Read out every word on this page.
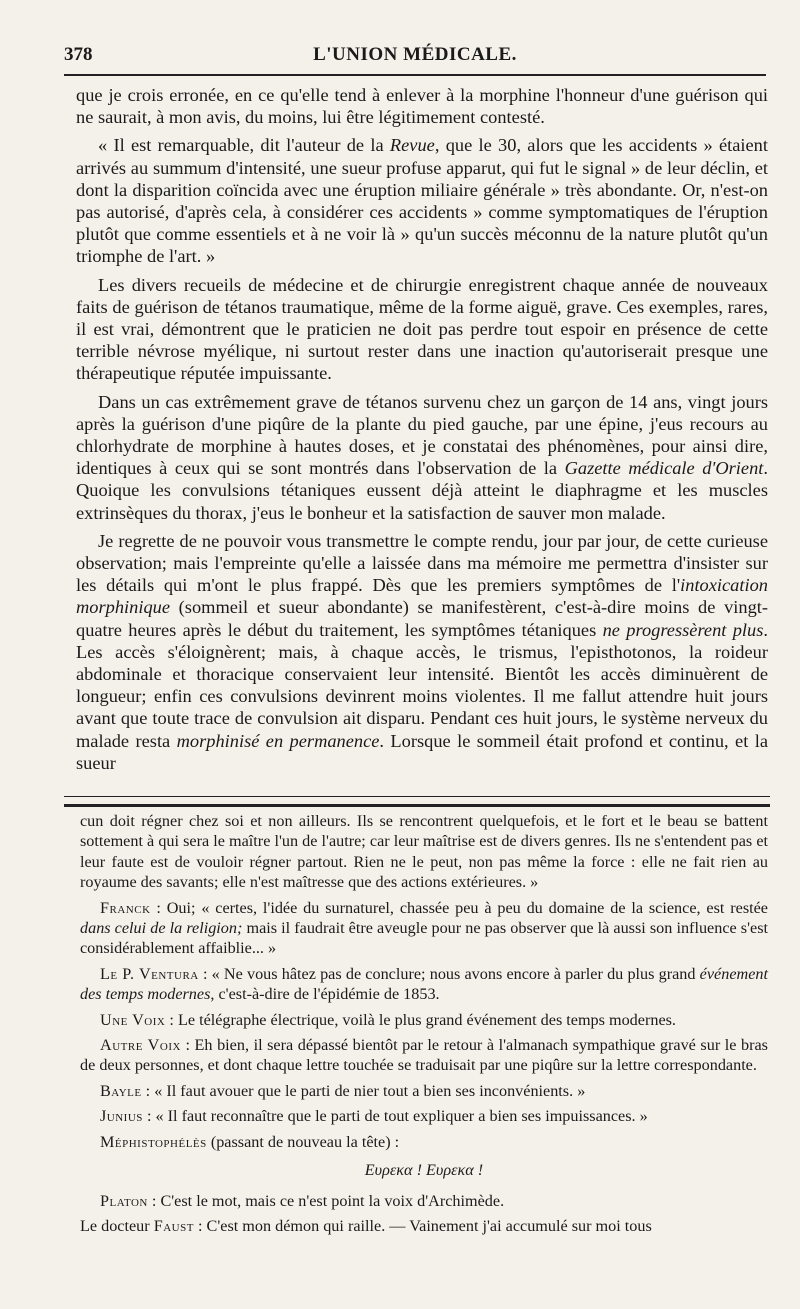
378	L'UNION MÉDICALE.

que je crois erronée, en ce qu'elle tend à enlever à la morphine l'honneur d'une guérison qui ne saurait, à mon avis, du moins, lui être légitimement contesté.

« Il est remarquable, dit l'auteur de la Revue, que le 30, alors que les accidents » étaient arrivés au summum d'intensité, une sueur profuse apparut, qui fut le signal » de leur déclin, et dont la disparition coïncida avec une éruption miliaire générale » très abondante. Or, n'est-on pas autorisé, d'après cela, à considérer ces accidents » comme symptomatiques de l'éruption plutôt que comme essentiels et à ne voir là » qu'un succès méconnu de la nature plutôt qu'un triomphe de l'art. »

Les divers recueils de médecine et de chirurgie enregistrent chaque année de nouveaux faits de guérison de tétanos traumatique, même de la forme aiguë, grave. Ces exemples, rares, il est vrai, démontrent que le praticien ne doit pas perdre tout espoir en présence de cette terrible névrose myélique, ni surtout rester dans une inaction qu'autoriserait presque une thérapeutique réputée impuissante.

Dans un cas extrêmement grave de tétanos survenu chez un garçon de 14 ans, vingt jours après la guérison d'une piqûre de la plante du pied gauche, par une épine, j'eus recours au chlorhydrate de morphine à hautes doses, et je constatai des phénomènes, pour ainsi dire, identiques à ceux qui se sont montrés dans l'observation de la Gazette médicale d'Orient. Quoique les convulsions tétaniques eussent déjà atteint le diaphragme et les muscles extrinsèques du thorax, j'eus le bonheur et la satisfaction de sauver mon malade.

Je regrette de ne pouvoir vous transmettre le compte rendu, jour par jour, de cette curieuse observation; mais l'empreinte qu'elle a laissée dans ma mémoire me permettra d'insister sur les détails qui m'ont le plus frappé. Dès que les premiers symptômes de l'intoxication morphinique (sommeil et sueur abondante) se manifestèrent, c'est-à-dire moins de vingt-quatre heures après le début du traitement, les symptômes tétaniques ne progressèrent plus. Les accès s'éloignèrent; mais, à chaque accès, le trismus, l'episthotonos, la roideur abdominale et thoracique conservaient leur intensité. Bientôt les accès diminuèrent de longueur; enfin ces convulsions devinrent moins violentes. Il me fallut attendre huit jours avant que toute trace de convulsion ait disparu. Pendant ces huit jours, le système nerveux du malade resta morphinisé en permanence. Lorsque le sommeil était profond et continu, et la sueur

cun doit régner chez soi et non ailleurs. Ils se rencontrent quelquefois, et le fort et le beau se battent sottement à qui sera le maître l'un de l'autre; car leur maîtrise est de divers genres. Ils ne s'entendent pas et leur faute est de vouloir régner partout. Rien ne le peut, non pas même la force : elle ne fait rien au royaume des savants; elle n'est maîtresse que des actions extérieures. »

Franck : Oui; « certes, l'idée du surnaturel, chassée peu à peu du domaine de la science, est restée dans celui de la religion; mais il faudrait être aveugle pour ne pas observer que là aussi son influence s'est considérablement affaiblie... »

Le P. Ventura : « Ne vous hâtez pas de conclure; nous avons encore à parler du plus grand événement des temps modernes, c'est-à-dire de l'épidémie de 1853.

Une Voix : Le télégraphe électrique, voilà le plus grand événement des temps modernes.

Autre Voix : Eh bien, il sera dépassé bientôt par le retour à l'almanach sympathique gravé sur le bras de deux personnes, et dont chaque lettre touchée se traduisait par une piqûre sur la lettre correspondante.

Bayle : « Il faut avouer que le parti de nier tout a bien ses inconvénients. »

Junius : « Il faut reconnaître que le parti de tout expliquer a bien ses impuissances. »

Méphistophélès (passant de nouveau la tête) :

Ευρεκα ! Ευρεκα !

Platon : C'est le mot, mais ce n'est point la voix d'Archimède.

Le docteur Faust : C'est mon démon qui raille. — Vainement j'ai accumulé sur moi tous
